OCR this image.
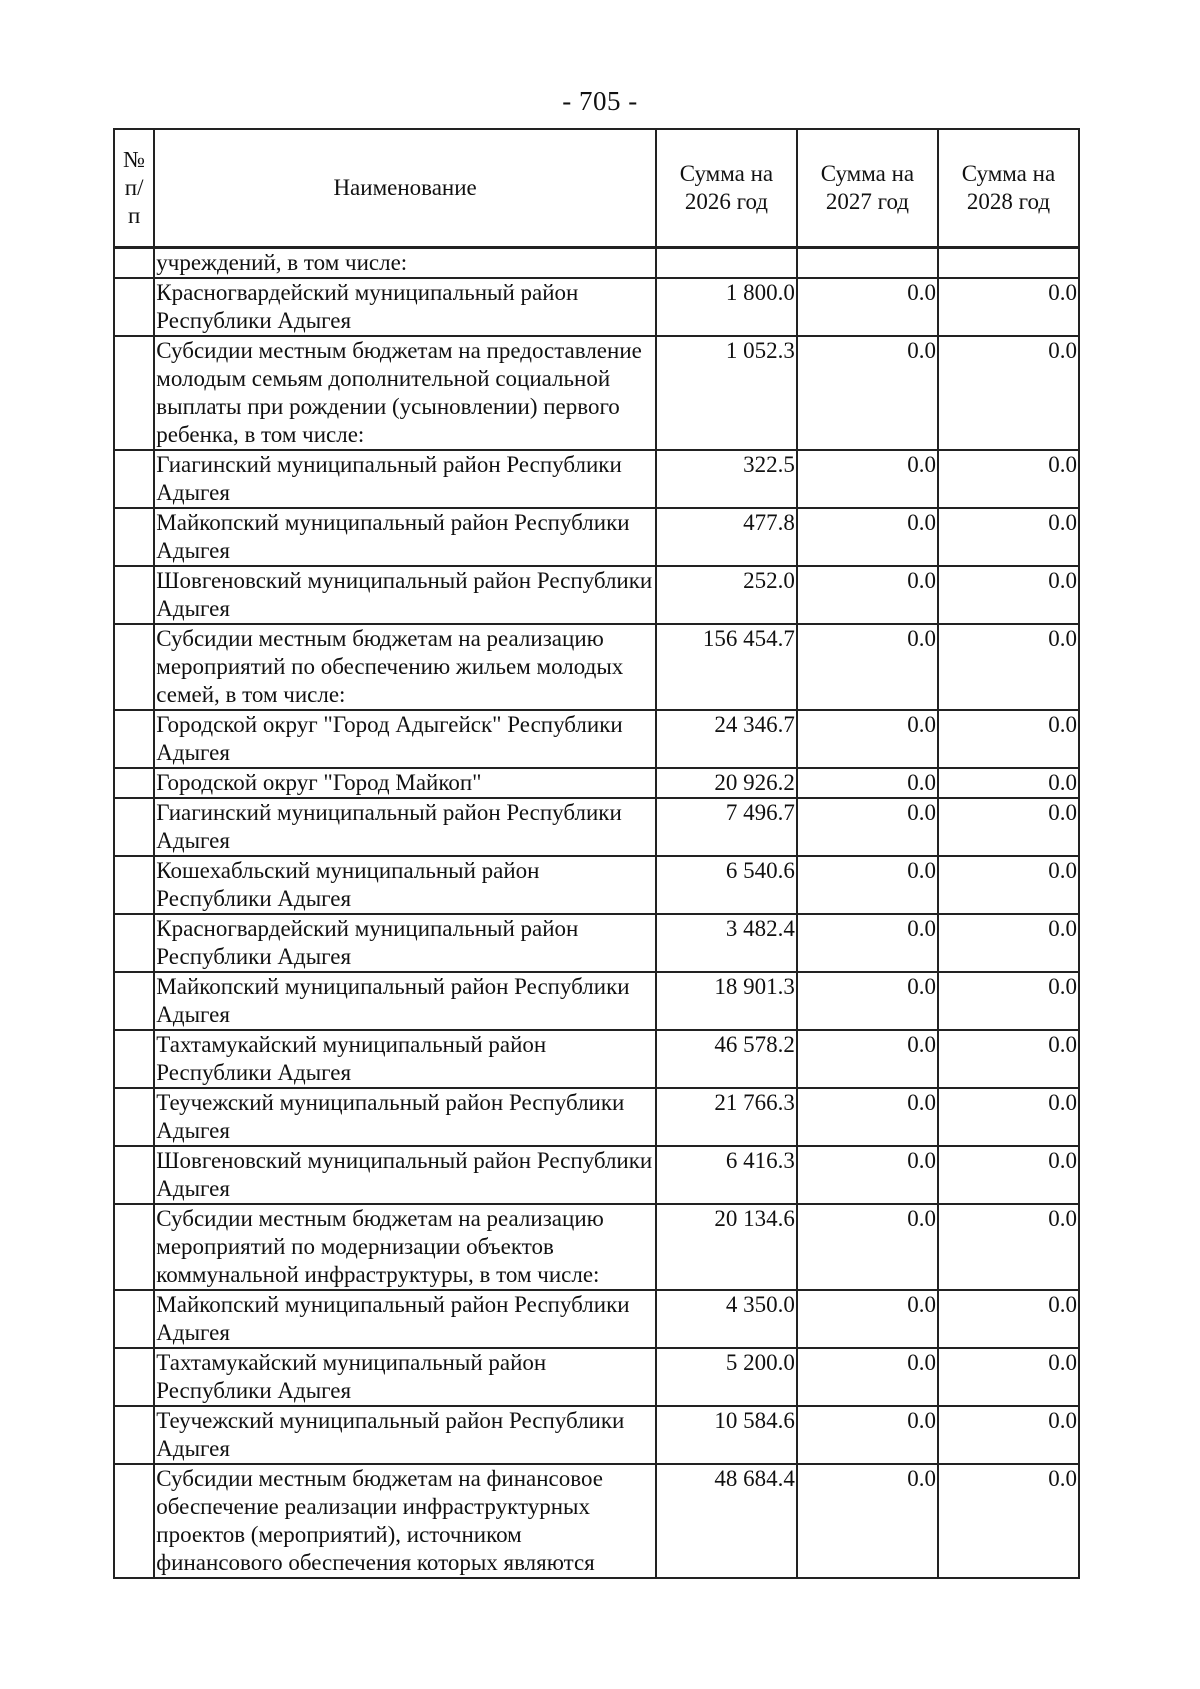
- 705 -
№ п/п	Наименование	Сумма на 2026 год	Сумма на 2027 год	Сумма на 2028 год
	учреждений, в том числе:			
	Красногвардейский муниципальный район Республики Адыгея	1 800.0	0.0	0.0
	Субсидии местным бюджетам на предоставление молодым семьям дополнительной социальной выплаты при рождении (усыновлении) первого ребенка, в том числе:	1 052.3	0.0	0.0
	Гиагинский муниципальный район Республики Адыгея	322.5	0.0	0.0
	Майкопский муниципальный район Республики Адыгея	477.8	0.0	0.0
	Шовгеновский муниципальный район Республики Адыгея	252.0	0.0	0.0
	Субсидии местным бюджетам на реализацию мероприятий по обеспечению жильем молодых семей, в том числе:	156 454.7	0.0	0.0
	Городской округ "Город Адыгейск" Республики Адыгея	24 346.7	0.0	0.0
	Городской округ "Город Майкоп"	20 926.2	0.0	0.0
	Гиагинский муниципальный район Республики Адыгея	7 496.7	0.0	0.0
	Кошехабльский муниципальный район Республики Адыгея	6 540.6	0.0	0.0
	Красногвардейский муниципальный район Республики Адыгея	3 482.4	0.0	0.0
	Майкопский муниципальный район Республики Адыгея	18 901.3	0.0	0.0
	Тахтамукайский муниципальный район Республики Адыгея	46 578.2	0.0	0.0
	Теучежский муниципальный район Республики Адыгея	21 766.3	0.0	0.0
	Шовгеновский муниципальный район Республики Адыгея	6 416.3	0.0	0.0
	Субсидии местным бюджетам на реализацию мероприятий по модернизации объектов коммунальной инфраструктуры, в том числе:	20 134.6	0.0	0.0
	Майкопский муниципальный район Республики Адыгея	4 350.0	0.0	0.0
	Тахтамукайский муниципальный район Республики Адыгея	5 200.0	0.0	0.0
	Теучежский муниципальный район Республики Адыгея	10 584.6	0.0	0.0
	Субсидии местным бюджетам на финансовое обеспечение реализации инфраструктурных проектов (мероприятий), источником финансового обеспечения которых являются	48 684.4	0.0	0.0
